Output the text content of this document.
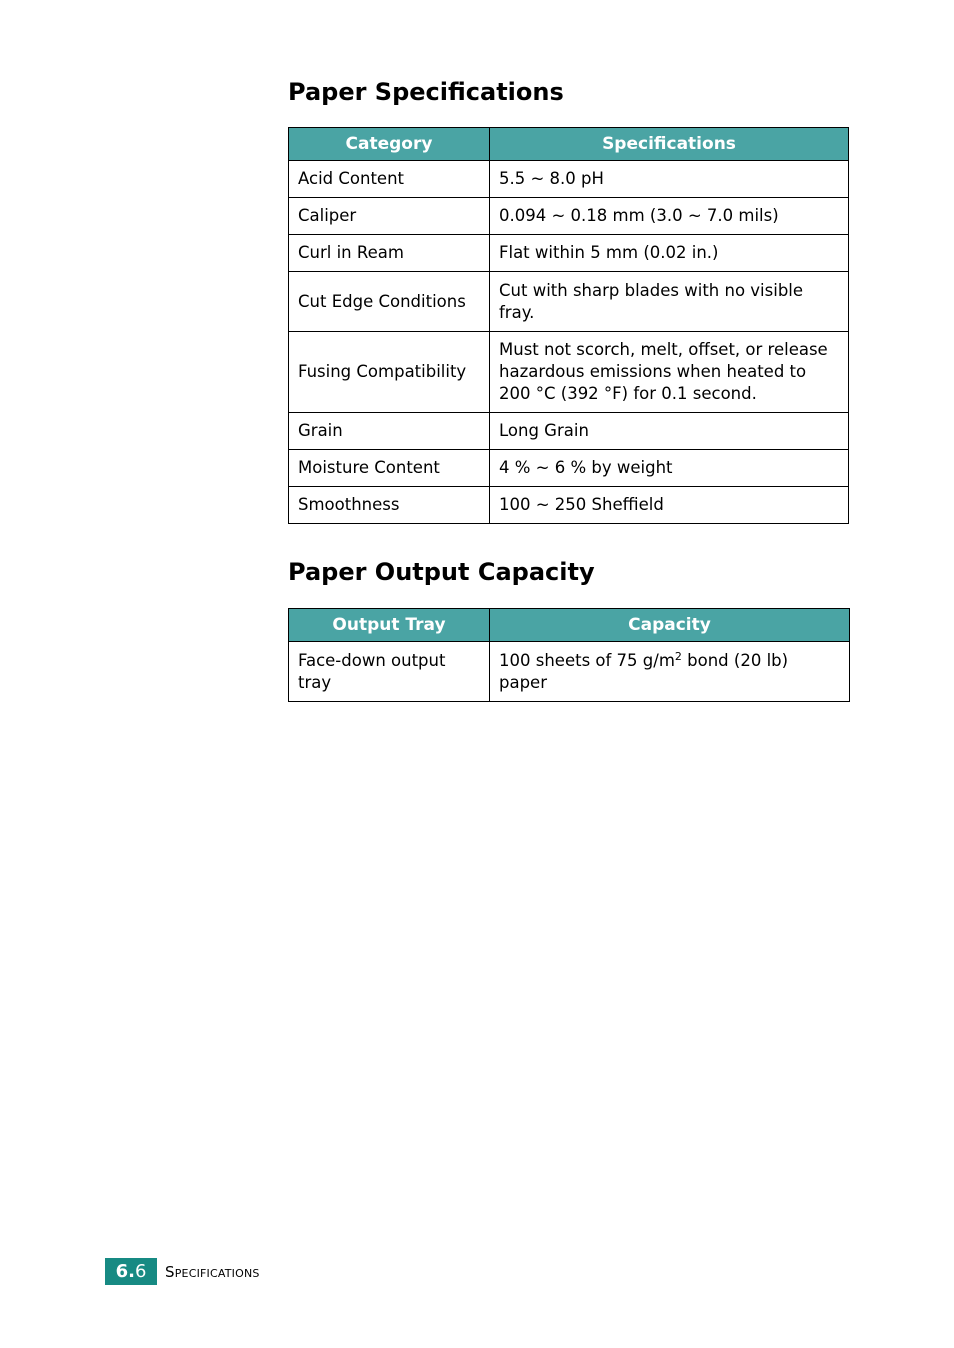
Paper Specifications
Category	Specifications
Acid Content	5.5 ~ 8.0 pH
Caliper	0.094 ~ 0.18 mm (3.0 ~ 7.0 mils)
Curl in Ream	Flat within 5 mm (0.02 in.)
Cut Edge Conditions	Cut with sharp blades with no visible fray.
Fusing Compatibility	Must not scorch, melt, offset, or release hazardous emissions when heated to 200 °C (392 °F) for 0.1 second.
Grain	Long Grain
Moisture Content	4 % ~ 6 % by weight
Smoothness	100 ~ 250 Sheffield
Paper Output Capacity
Output Tray	Capacity
Face-down output tray	100 sheets of 75 $g/m^2$ bond (20 lb) paper
6.6	Specifications
